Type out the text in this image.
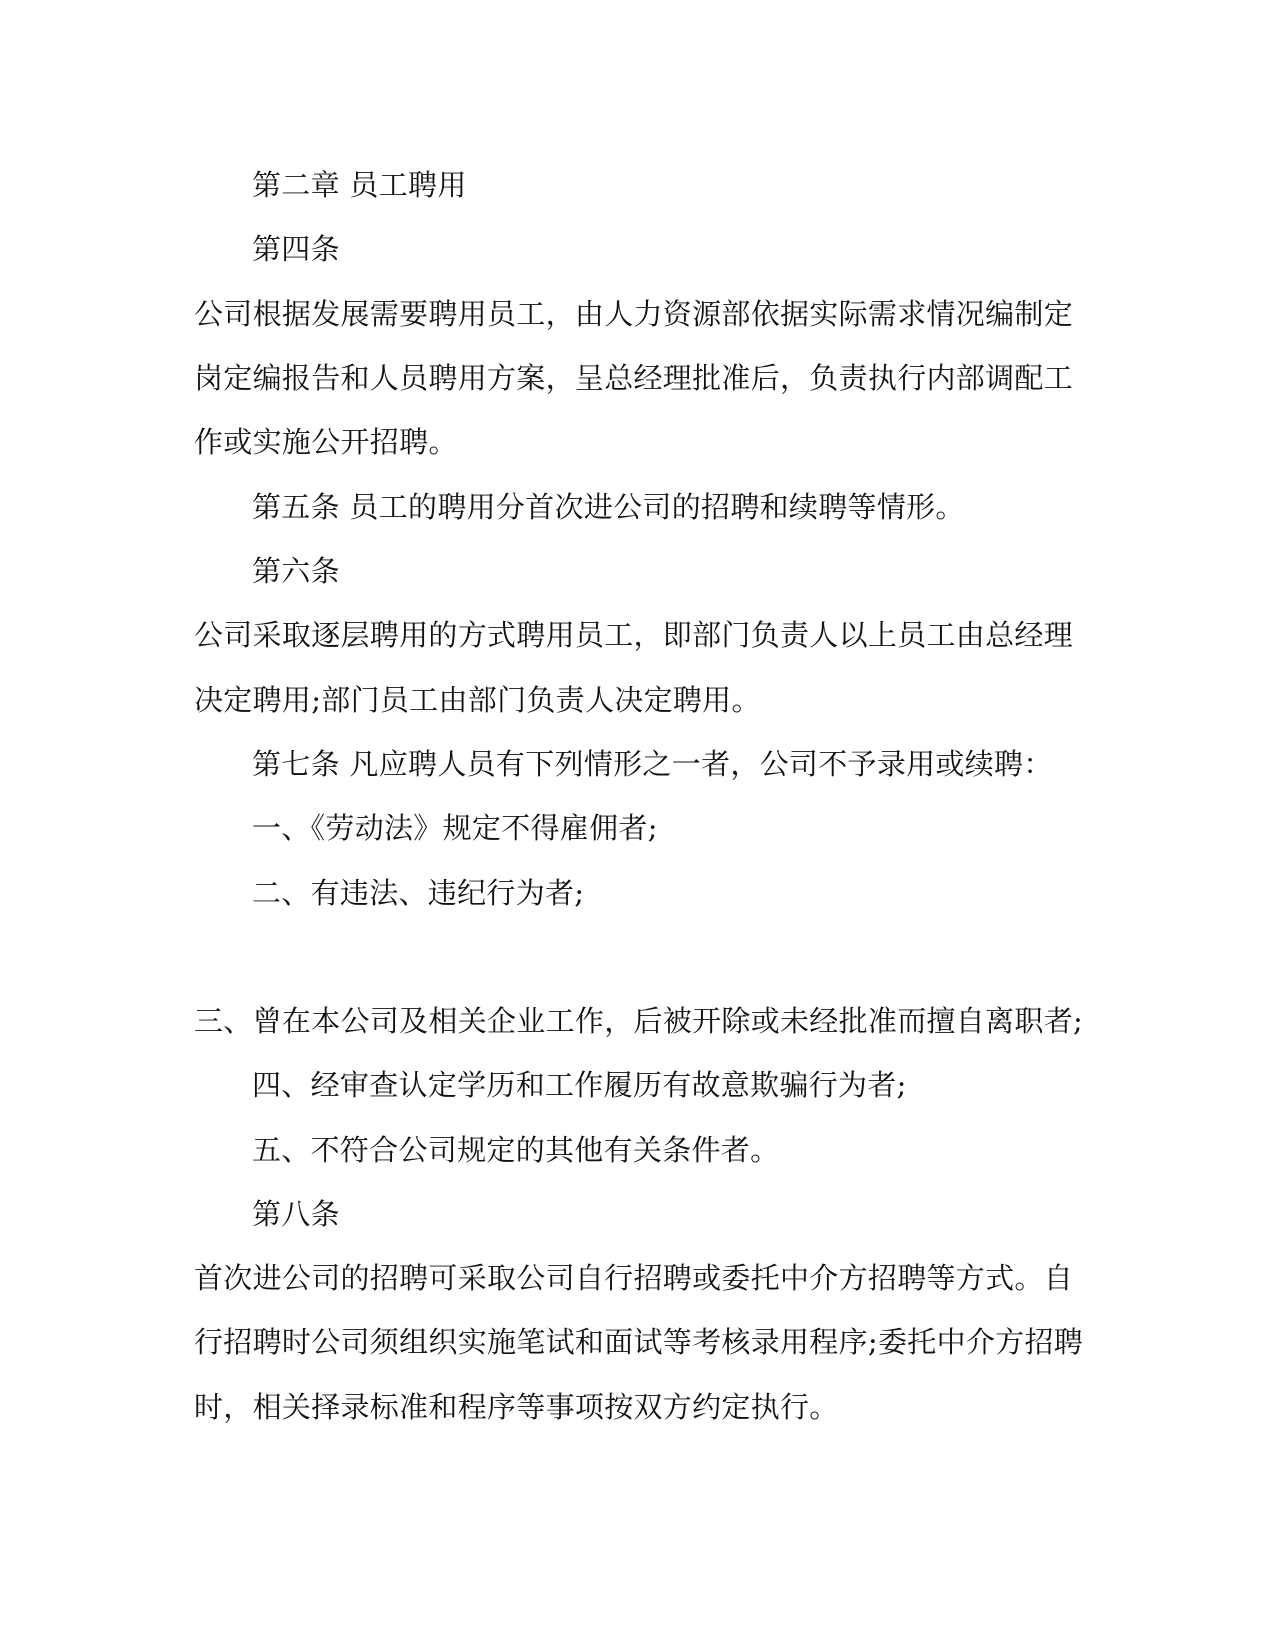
第二章 员工聘用

第四条

公司根据发展需要聘用员工，由人力资源部依据实际需求情况编制定

岗定编报告和人员聘用方案，呈总经理批准后，负责执行内部调配工

作或实施公开招聘。

第五条 员工的聘用分首次进公司的招聘和续聘等情形。

第六条

公司采取逐层聘用的方式聘用员工，即部门负责人以上员工由总经理

决定聘用;部门员工由部门负责人决定聘用。

第七条 凡应聘人员有下列情形之一者，公司不予录用或续聘：

一、《劳动法》规定不得雇佣者;

二、有违法、违纪行为者;

三、曾在本公司及相关企业工作，后被开除或未经批准而擅自离职者;

四、经审查认定学历和工作履历有故意欺骗行为者;

五、不符合公司规定的其他有关条件者。

第八条

首次进公司的招聘可采取公司自行招聘或委托中介方招聘等方式。自

行招聘时公司须组织实施笔试和面试等考核录用程序;委托中介方招聘

时，相关择录标准和程序等事项按双方约定执行。
